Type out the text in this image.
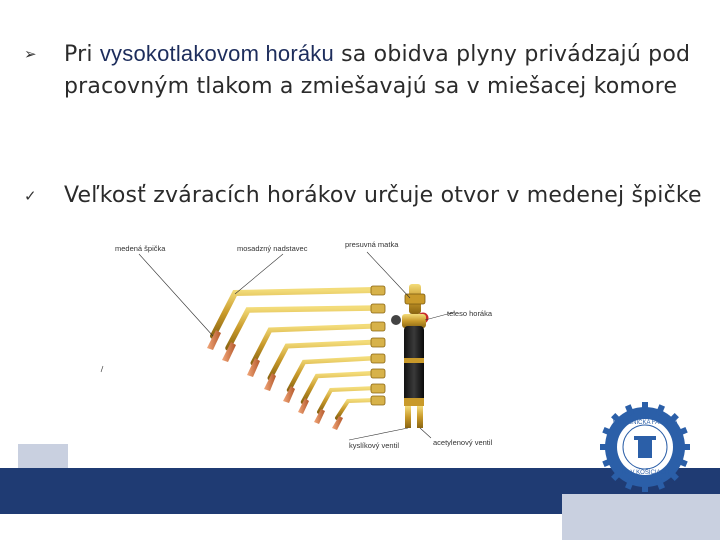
➢	Pri vysokotlakovom horáku sa obidva plyny privádzajú pod pracovným tlakom a zmiešavajú sa v miešacej komore
✓	Veľkosť zváracích horákov určuje otvor v medenej špičke
medená špička	mosadzný nadstavec	presuvná matka
teleso horáka
kyslíkový ventil	acetylenový ventil
STROJNÍCKA FAKULTA
TU V KOŠICIACH
